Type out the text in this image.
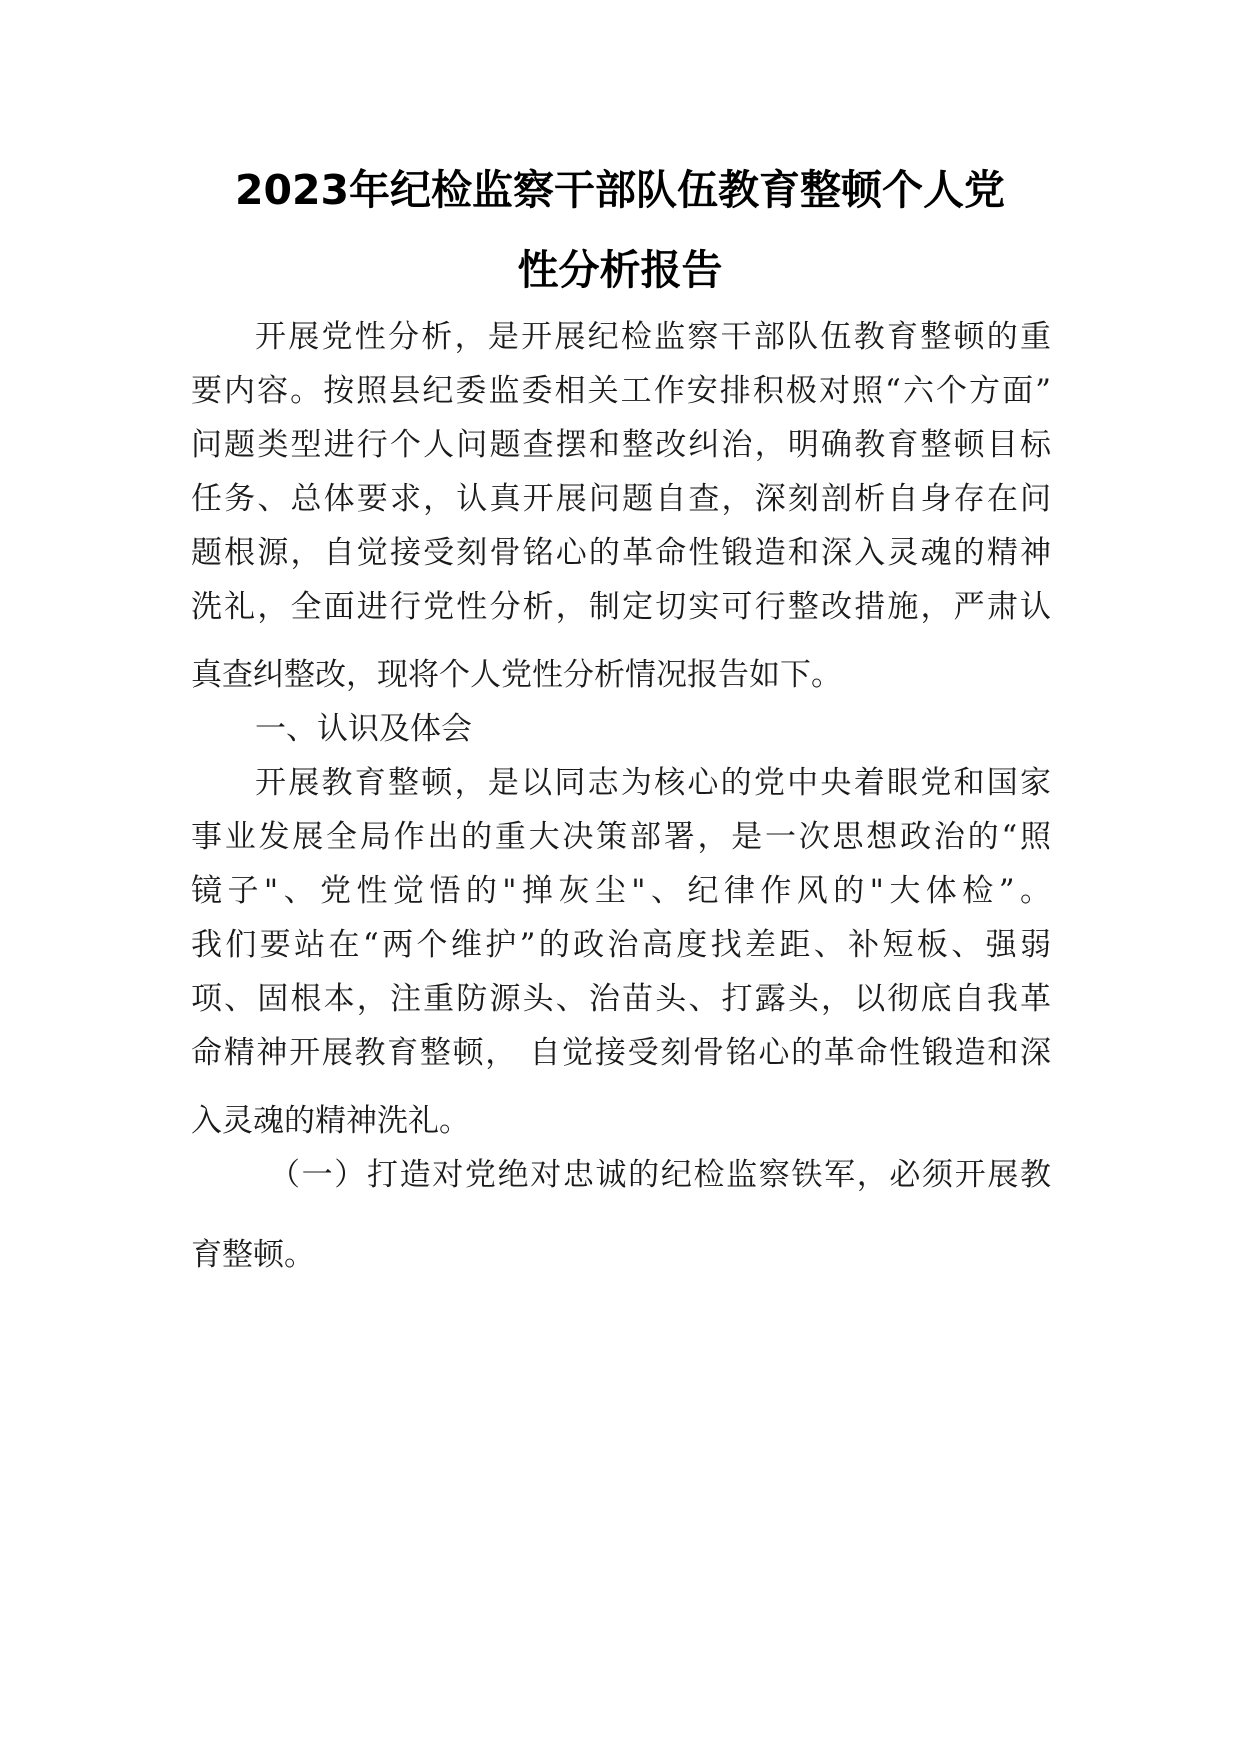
2023年纪检监察干部队伍教育整顿个人党
性分析报告
开展党性分析，是开展纪检监察干部队伍教育整顿的重
要内容。按照县纪委监委相关工作安排积极对照“六个方面”
问题类型进行个人问题查摆和整改纠治，明确教育整顿目标
任务、总体要求，认真开展问题自查，深刻剖析自身存在问
题根源，自觉接受刻骨铭心的革命性锻造和深入灵魂的精神
洗礼，全面进行党性分析，制定切实可行整改措施，严肃认
真查纠整改，现将个人党性分析情况报告如下。
一、认识及体会
开展教育整顿，是以同志为核心的党中央着眼党和国家
事业发展全局作出的重大决策部署，是一次思想政治的“照
镜子"、党性觉悟的"掸灰尘"、纪律作风的"大体检”。
我们要站在“两个维护”的政治高度找差距、补短板、强弱
项、固根本，注重防源头、治苗头、打露头，以彻底自我革
命精神开展教育整顿， 自觉接受刻骨铭心的革命性锻造和深
入灵魂的精神洗礼。
（一）打造对党绝对忠诚的纪检监察铁军，必须开展教
育整顿。
